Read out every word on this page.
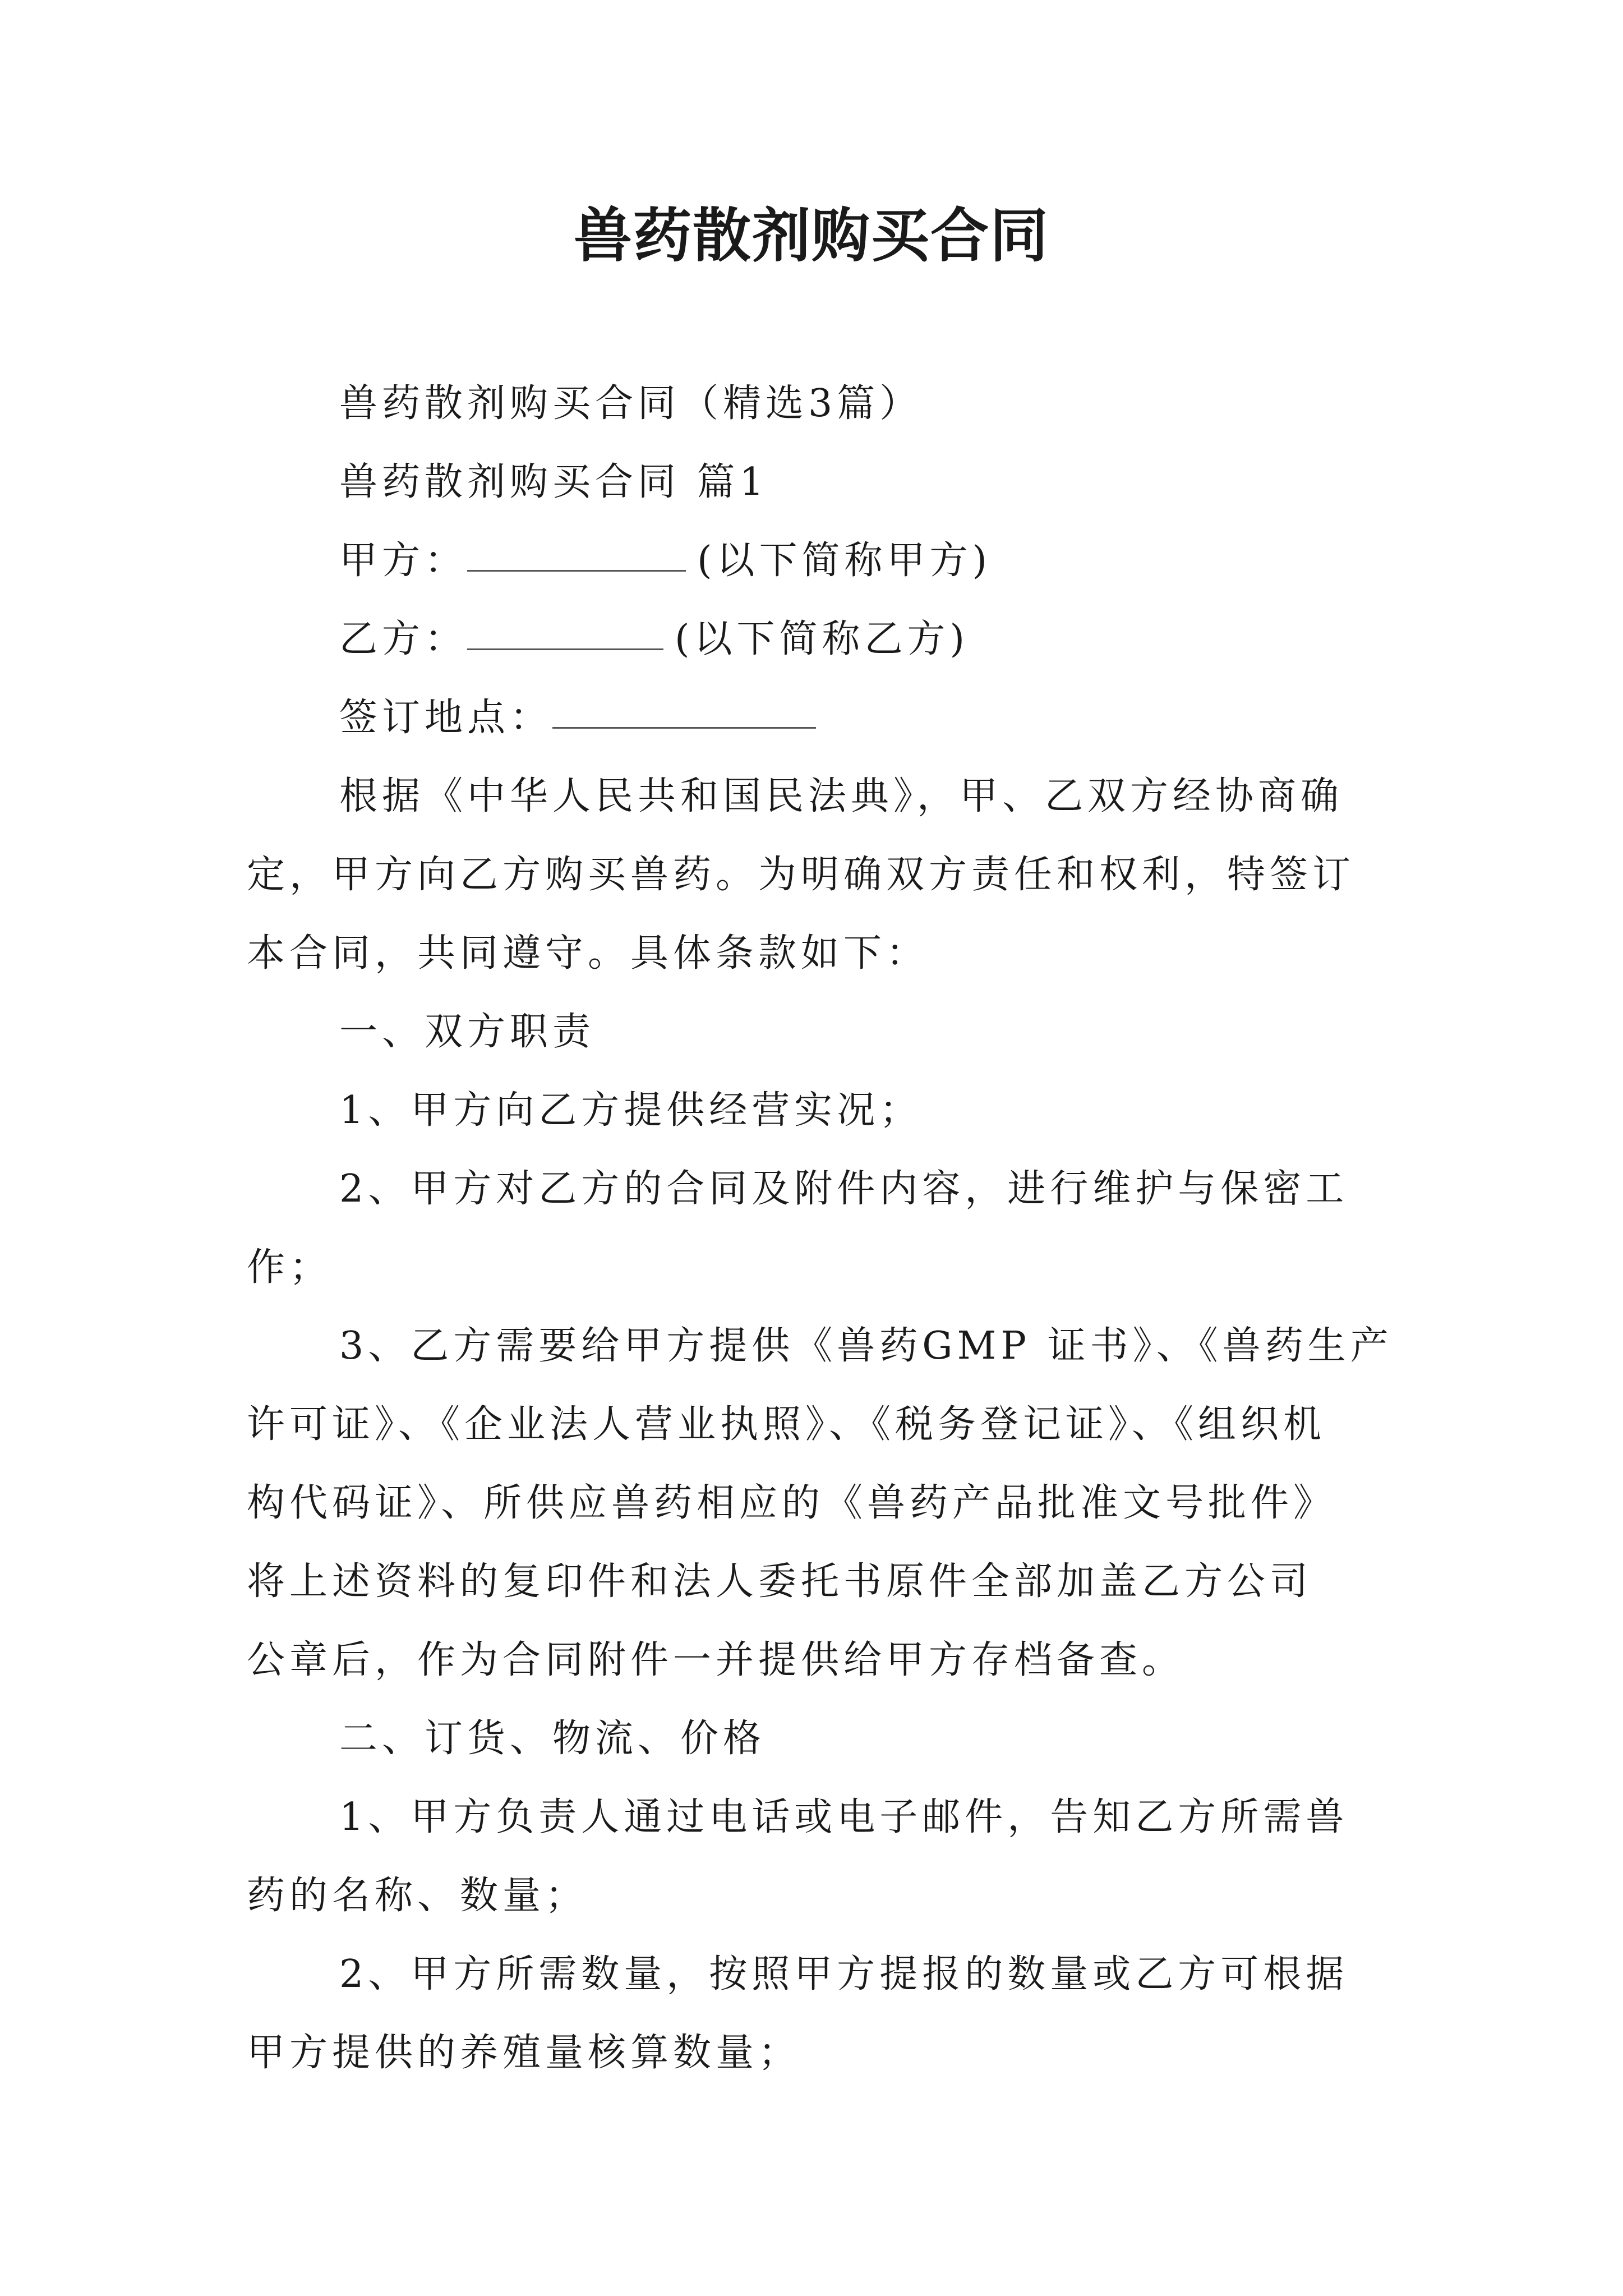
兽药散剂购买合同
兽药散剂购买合同（精选3篇）
兽药散剂购买合同 篇1
甲方：	(以下简称甲方)
乙方：	(以下简称乙方)
签订地点：
根据《中华人民共和国民法典》，甲、乙双方经协商确
定，甲方向乙方购买兽药。为明确双方责任和权利，特签订
本合同，共同遵守。具体条款如下：
一、双方职责
1、甲方向乙方提供经营实况；
2、甲方对乙方的合同及附件内容，进行维护与保密工
作；
3、乙方需要给甲方提供《兽药GMP 证书》、《兽药生产
许可证》、《企业法人营业执照》、《税务登记证》、《组织机
构代码证》、所供应兽药相应的《兽药产品批准文号批件》
将上述资料的复印件和法人委托书原件全部加盖乙方公司
公章后，作为合同附件一并提供给甲方存档备查。
二、订货、物流、价格
1、甲方负责人通过电话或电子邮件，告知乙方所需兽
药的名称、数量；
2、甲方所需数量，按照甲方提报的数量或乙方可根据
甲方提供的养殖量核算数量；
